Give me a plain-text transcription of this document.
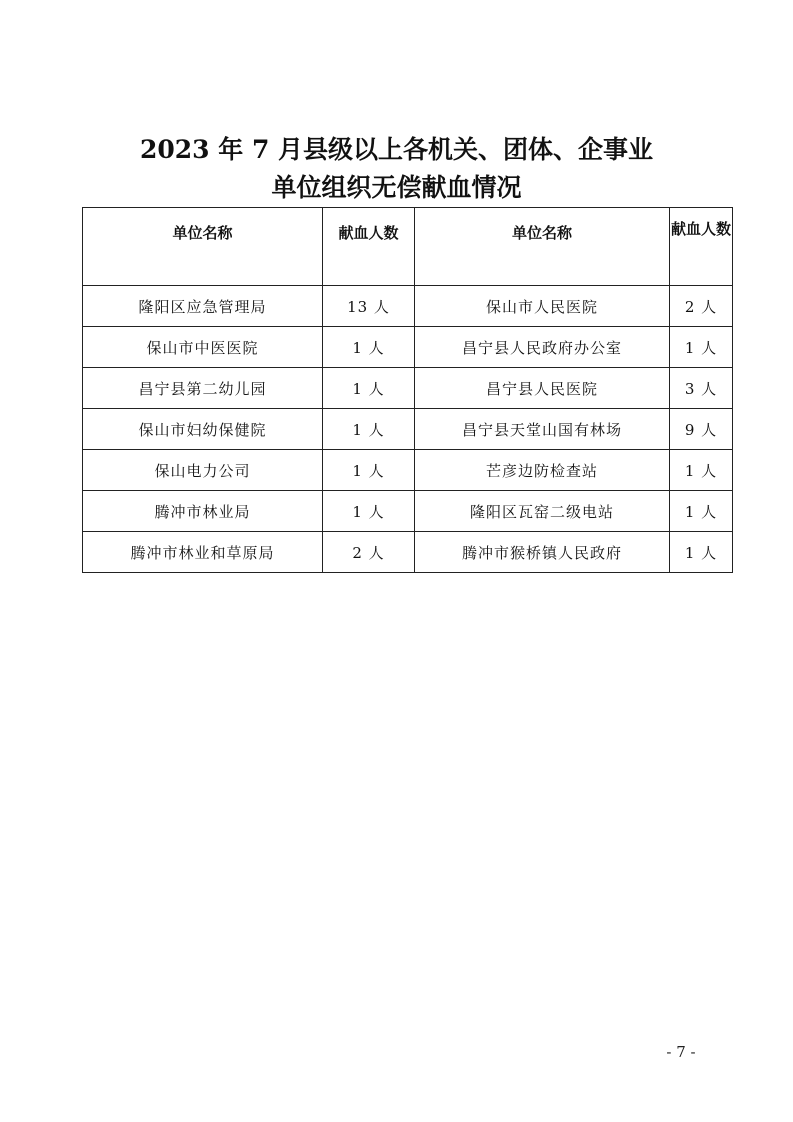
2023 年 7 月县级以上各机关、团体、企事业
单位组织无偿献血情况
单位名称	献血人数	单位名称	献血人数
隆阳区应急管理局	13 人	保山市人民医院	2 人
保山市中医医院	1 人	昌宁县人民政府办公室	1 人
昌宁县第二幼儿园	1 人	昌宁县人民医院	3 人
保山市妇幼保健院	1 人	昌宁县天堂山国有林场	9 人
保山电力公司	1 人	芒彦边防检查站	1 人
腾冲市林业局	1 人	隆阳区瓦窑二级电站	1 人
腾冲市林业和草原局	2 人	腾冲市猴桥镇人民政府	1 人
- 7 -
